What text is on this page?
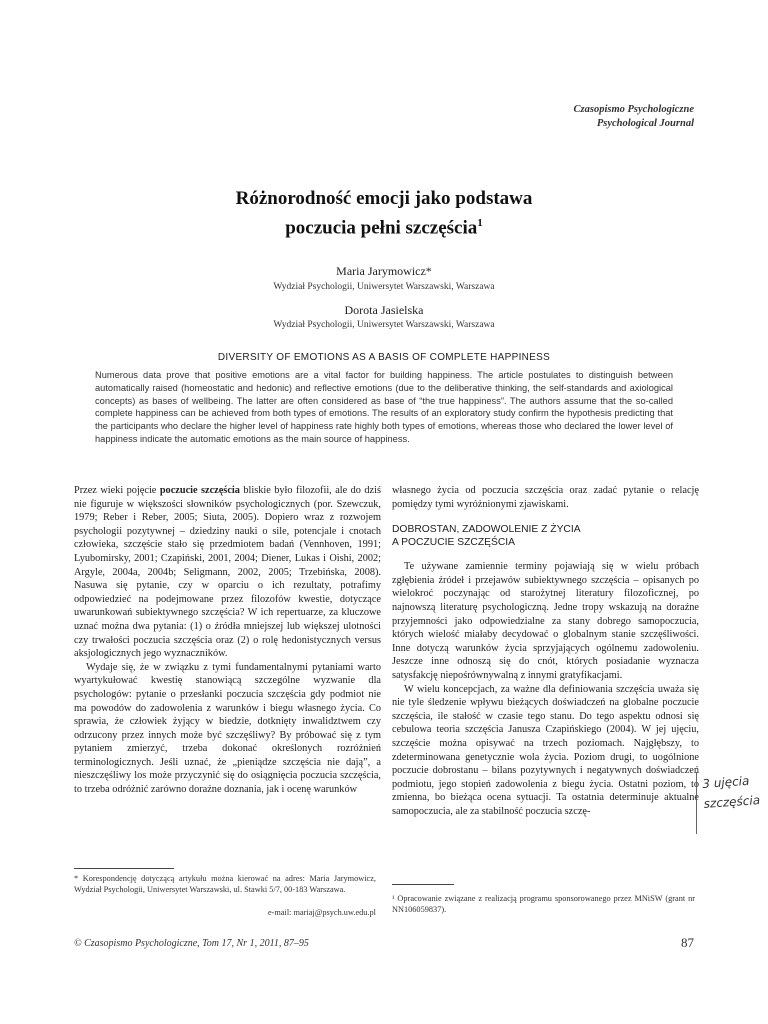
Czasopismo Psychologiczne
Psychological Journal
Różnorodność emocji jako podstawa
poczucia pełni szczęścia$^1$
Maria Jarymowicz*
Wydział Psychologii, Uniwersytet Warszawski, Warszawa
Dorota Jasielska
Wydział Psychologii, Uniwersytet Warszawski, Warszawa
DIVERSITY OF EMOTIONS AS A BASIS OF COMPLETE HAPPINESS

Numerous data prove that positive emotions are a vital factor for building happiness. The article postulates to distinguish between automatically raised (homeostatic and hedonic) and reflective emotions (due to the deliberative thinking, the self-standards and axiological concepts) as bases of wellbeing. The latter are often considered as base of “the true happiness”. The authors assume that the so-called complete happiness can be achieved from both types of emotions. The results of an exploratory study confirm the hypothesis predicting that the participants who declare the higher level of happiness rate highly both types of emotions, whereas those who declared the lower level of happiness indicate the automatic emotions as the main source of happiness.

Przez wieki pojęcie poczucie szczęścia bliskie było filozofii, ale do dziś nie figuruje w większości słowników psychologicznych (por. Szewczuk, 1979; Reber i Reber, 2005; Siuta, 2005). Dopiero wraz z rozwojem psychologii pozytywnej – dziedziny nauki o sile, potencjale i cnotach człowieka, szczęście stało się przedmiotem badań (Vennhoven, 1991; Lyubomirsky, 2001; Czapiński, 2001, 2004; Diener, Lukas i Oishi, 2002; Argyle, 2004a, 2004b; Seligmann, 2002, 2005; Trzebińska, 2008). Nasuwa się pytanie, czy w oparciu o ich rezultaty, potrafimy odpowiedzieć na podejmowane przez filozofów kwestie, dotyczące uwarunkowań subiektywnego szczęścia? W ich repertuarze, za kluczowe uznać można dwa pytania: (1) o źródła mniejszej lub większej ulotności czy trwałości poczucia szczęścia oraz (2) o rolę hedonistycznych versus aksjologicznych jego wyznaczników.

Wydaje się, że w związku z tymi fundamentalnymi pytaniami warto wyartykułować kwestię stanowiącą szczególne wyzwanie dla psychologów: pytanie o przesłanki poczucia szczęścia gdy podmiot nie ma powodów do zadowolenia z warunków i biegu własnego życia. Co sprawia, że człowiek żyjący w biedzie, dotknięty inwalidztwem czy odrzucony przez innych może być szczęśliwy? By próbować się z tym pytaniem zmierzyć, trzeba dokonać określonych rozróżnień terminologicznych. Jeśli uznać, że „pieniądze szczęścia nie dają”, a nieszczęśliwy los może przyczynić się do osiągnięcia poczucia szczęścia, to trzeba odróżnić zarówno doraźne doznania, jak i ocenę warunków

* Korespondencję dotyczącą artykułu można kierować na adres: Maria Jarymowicz, Wydział Psychologii, Uniwersytet Warszawski, ul. Stawki 5/7, 00-183 Warszawa.

e-mail: mariaj@psych.uw.edu.pl

własnego życia od poczucia szczęścia oraz zadać pytanie o relację pomiędzy tymi wyróżnionymi zjawiskami.

DOBROSTAN, ZADOWOLENIE Z ŻYCIA
A POCZUCIE SZCZĘŚCIA

Te używane zamiennie terminy pojawiają się w wielu próbach zgłębienia źródeł i przejawów subiektywnego szczęścia – opisanych po wielokroć poczynając od starożytnej literatury filozoficznej, po najnowszą literaturę psychologiczną. Jedne tropy wskazują na doraźne przyjemności jako odpowiedzialne za stany dobrego samopoczucia, których wielość miałaby decydować o globalnym stanie szczęśliwości. Inne dotyczą warunków życia sprzyjających ogólnemu zadowoleniu. Jeszcze inne odnoszą się do cnót, których posiadanie wyznacza satysfakcję niepośrównywalną z innymi gratyfikacjami.

W wielu koncepcjach, za ważne dla definiowania szczęścia uważa się nie tyle śledzenie wpływu bieżących doświadczeń na globalne poczucie szczęścia, ile stałość w czasie tego stanu. Do tego aspektu odnosi się cebulowa teoria szczęścia Janusza Czapińskiego (2004). W jej ujęciu, szczęście można opisywać na trzech poziomach. Najgłębszy, to zdeterminowana genetycznie wola życia. Poziom drugi, to uogólnione poczucie dobrostanu – bilans pozytywnych i negatywnych doświadczeń podmiotu, jego stopień zadowolenia z biegu życia. Ostatni poziom, to zmienna, bo bieżąca ocena sytuacji. Ta ostatnia determinuje aktualne samopoczucia, ale za stabilność poczucia szczę-

¹ Opracowanie związane z realizacją programu sponsorowanego przez MNiSW (grant nr NN106059837).

3 ujęcia
szczęścia
© Czasopismo Psychologiczne, Tom 17, Nr 1, 2011, 87–95	87
